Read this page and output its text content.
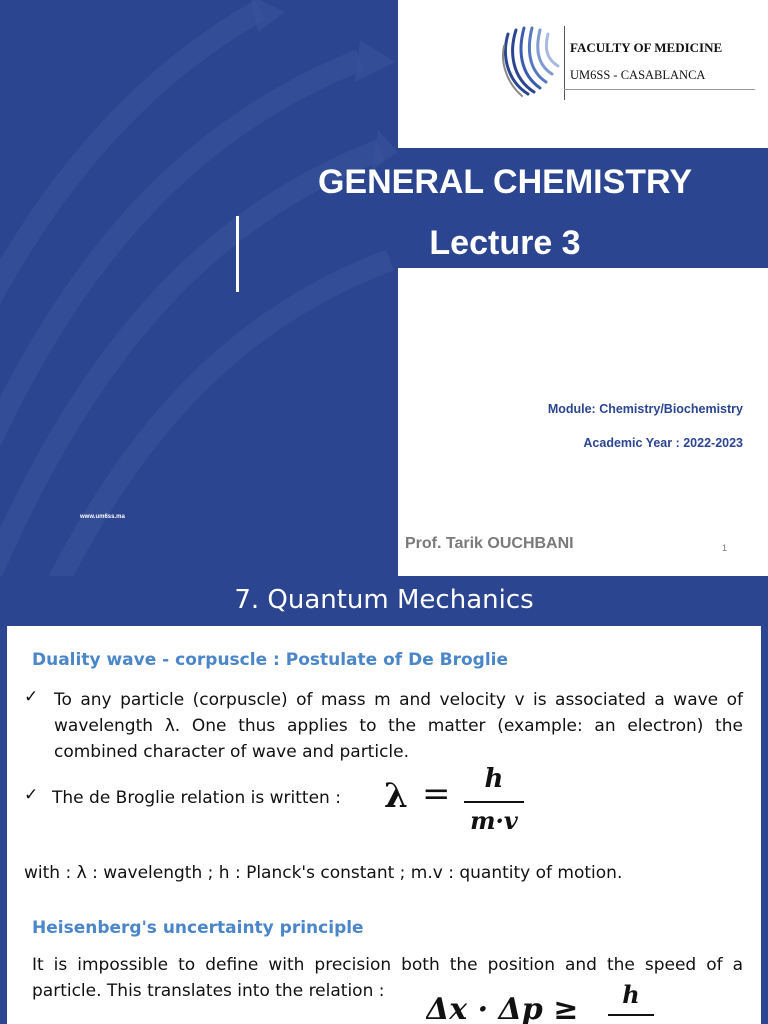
FACULTY OF MEDICINE
UM6SS - CASABLANCA
GENERAL CHEMISTRY
Lecture 3
Module: Chemistry/Biochemistry
Academic Year : 2022-2023
www.um6ss.ma
Prof. Tarik OUCHBANI	1
7. Quantum Mechanics
Duality wave - corpuscle : Postulate of De Broglie
✓ To any particle (corpuscle) of mass m and velocity v is associated a wave of wavelength λ. One thus applies to the matter (example: an electron) the combined character of wave and particle.
✓ The de Broglie relation is written : λ =	h
m·v
with : λ : wavelength ; h : Planck's constant ; m.v : quantity of motion.
Heisenberg's uncertainty principle
It is impossible to define with precision both the position and the speed of a particle. This translates into the relation :
Δx · Δp ≥ h
